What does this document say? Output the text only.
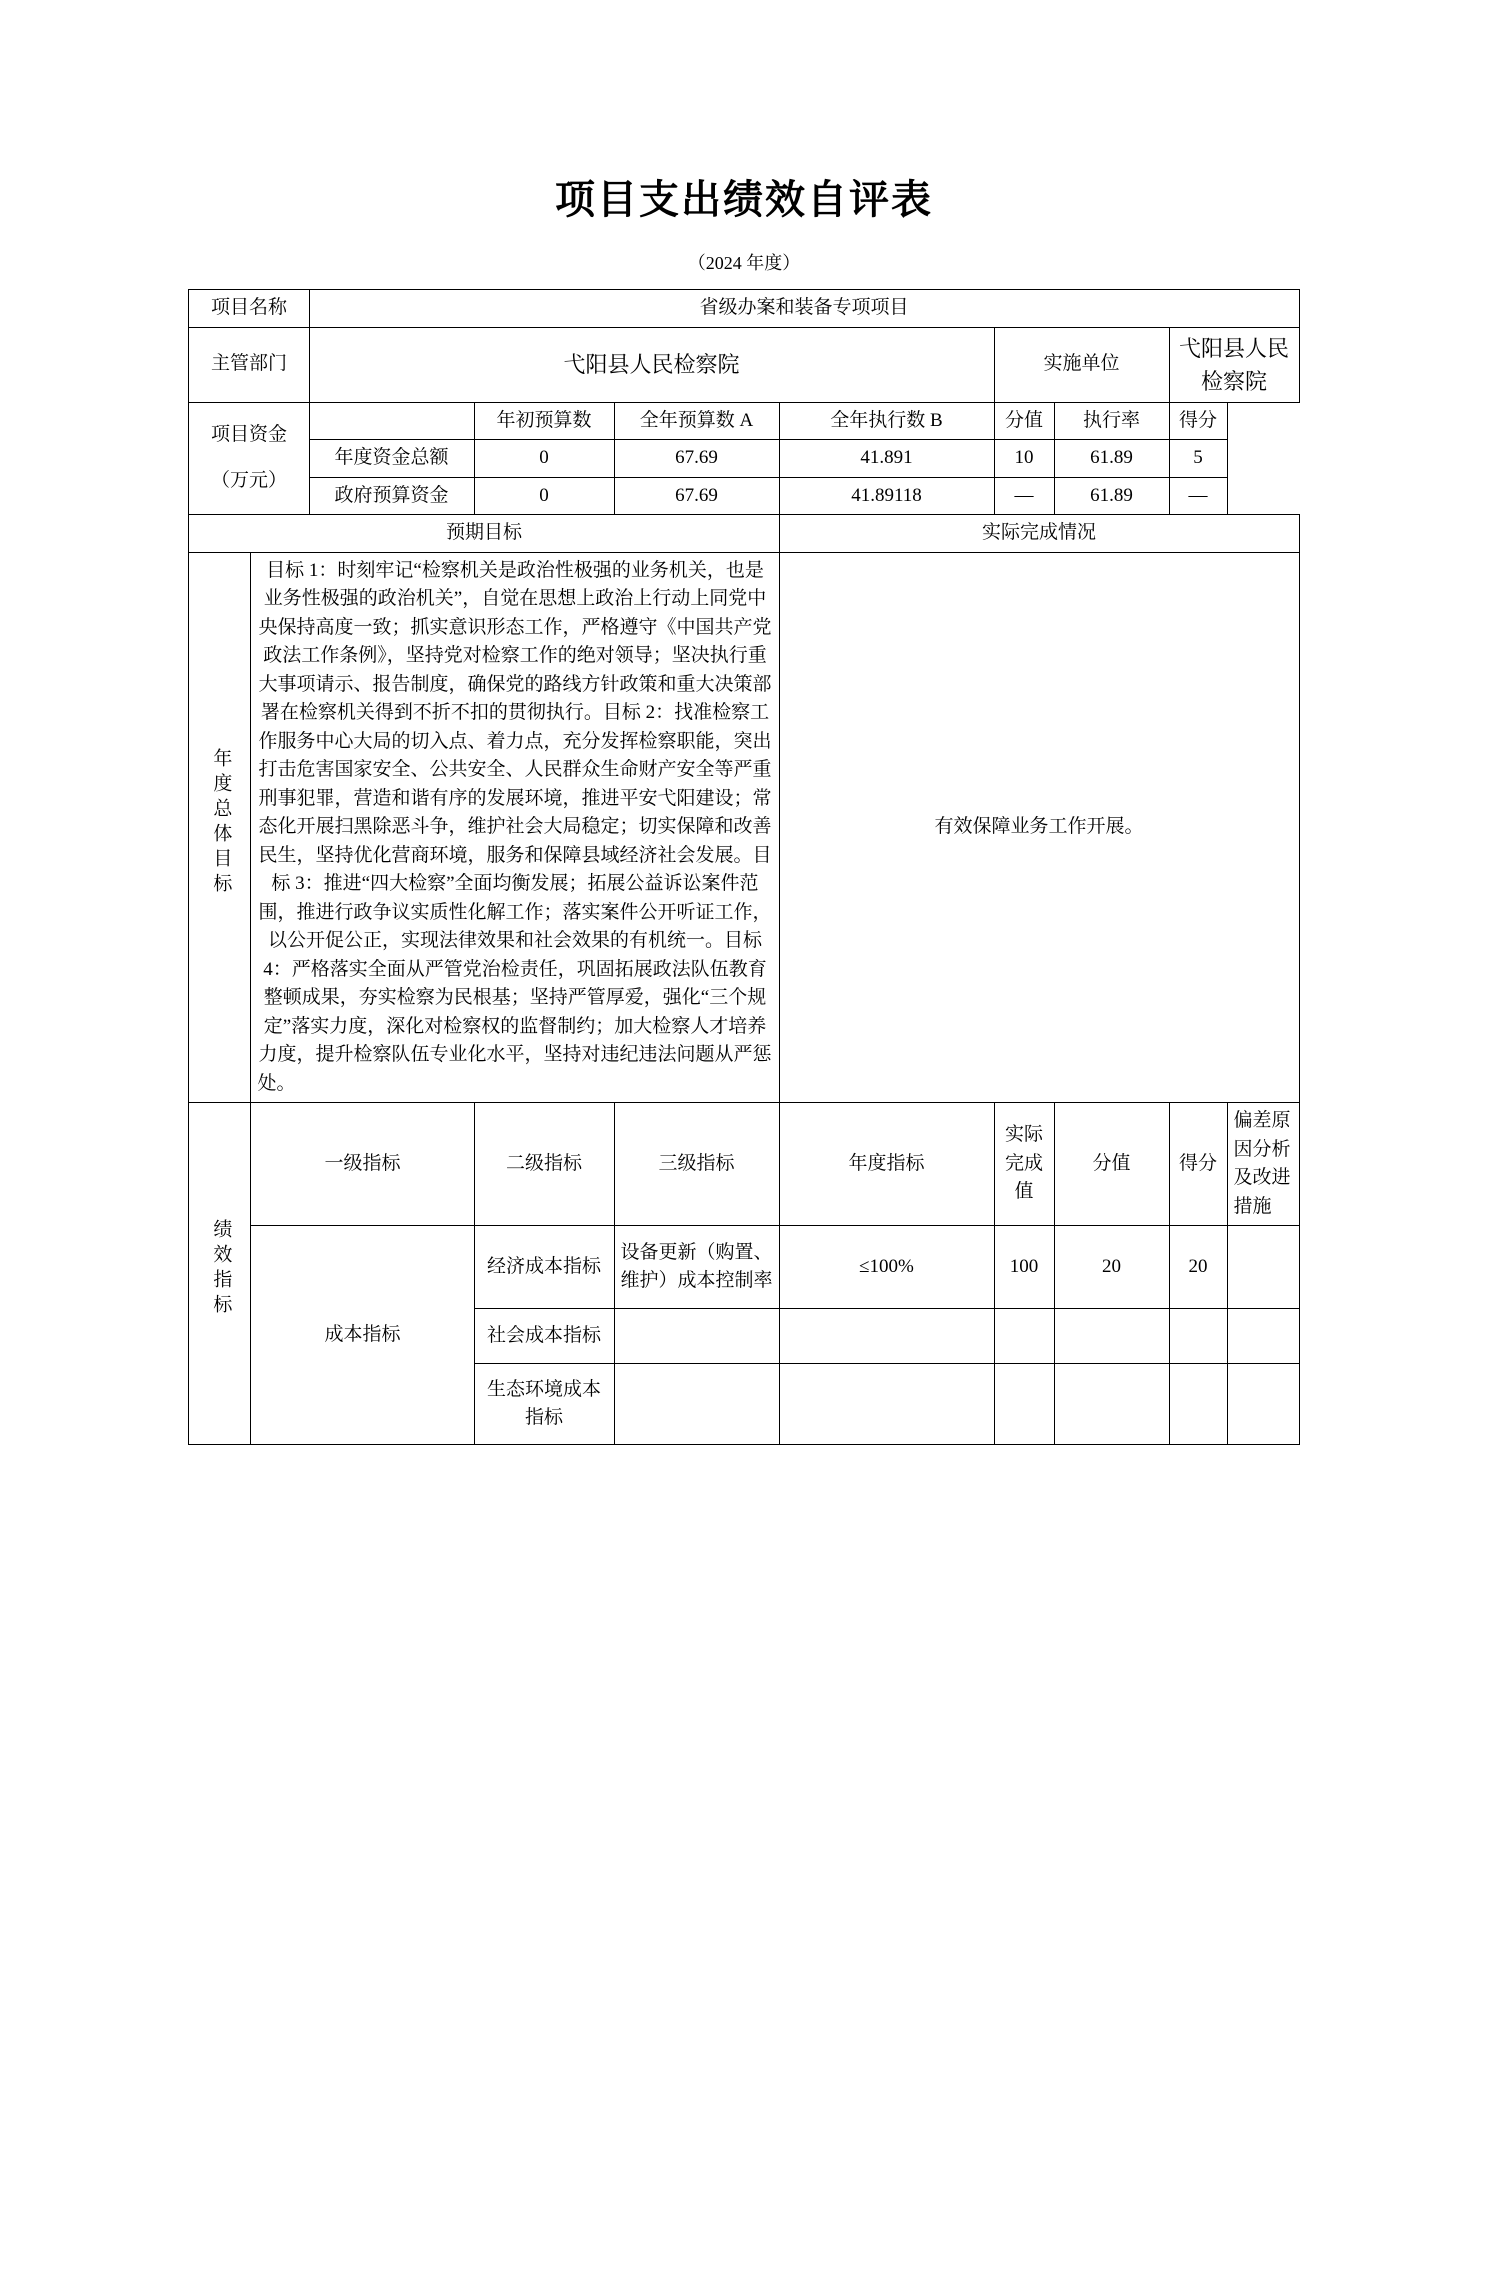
项目支出绩效自评表
（2024 年度）
项目名称		省级办案和装备专项项目							
主管部门		弋阳县人民检察院				实施单位		弋阳县人民检察院	

项目资金
（万元）			年初预算数	全年预算数 A	全年执行数 B	分值	执行率	得分	
		年度资金总额	0	67.69	41.891	10	61.89	5	
		政府预算资金	0	67.69	41.89118	—	61.89	—	
预期目标					实际完成情况				
年度总体目标	目标 1：时刻牢记“检察机关是政治性极强的业务机关，也是业务性极强的政治机关”，自觉在思想上政治上行动上同党中央保持高度一致；抓实意识形态工作，严格遵守《中国共产党政法工作条例》，坚持党对检察工作的绝对领导；坚决执行重大事项请示、报告制度，确保党的路线方针政策和重大决策部署在检察机关得到不折不扣的贯彻执行。目标 2：找准检察工作服务中心大局的切入点、着力点，充分发挥检察职能，突出打击危害国家安全、公共安全、人民群众生命财产安全等严重刑事犯罪，营造和谐有序的发展环境，推进平安弋阳建设；常态化开展扫黑除恶斗争，维护社会大局稳定；切实保障和改善民生，坚持优化营商环境，服务和保障县域经济社会发展。目标 3：推进“四大检察”全面均衡发展；拓展公益诉讼案件范围，推进行政争议实质性化解工作；落实案件公开听证工作，以公开促公正，实现法律效果和社会效果的有机统一。目标 4：严格落实全面从严管党治检责任，巩固拓展政法队伍教育整顿成果，夯实检察为民根基；坚持严管厚爱，强化“三个规定”落实力度，深化对检察权的监督制约；加大检察人才培养力度，提升检察队伍专业化水平，坚持对违纪违法问题从严惩处。				有效保障业务工作开展。				
绩效指标	一级指标		二级指标	三级指标	年度指标	实际完成值	分值	得分	偏差原因分析
及改进措施

	成本指标		经济成本指标	设备更新（购置、维护）成本控制率	≤100%	100	20	20	
			社会成本指标						
			生态环境成本指标						
